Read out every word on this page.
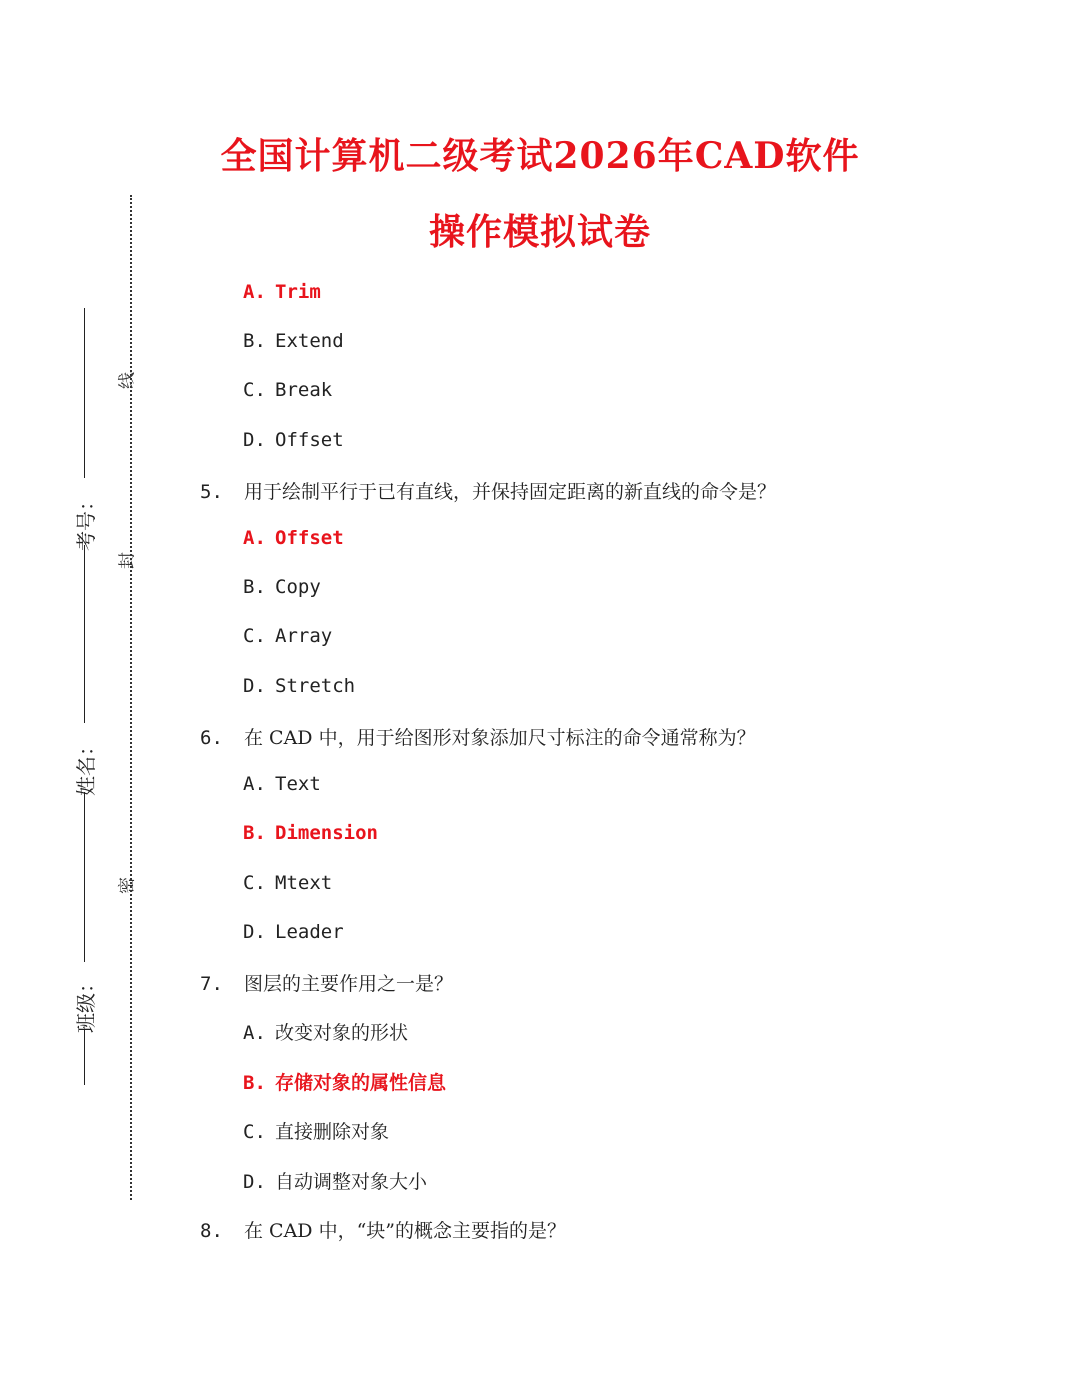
全国计算机二级考试2026年CAD软件
操作模拟试卷
线
封
密
考号：
姓名：
班级：
A. Trim
B. Extend
C. Break
D. Offset
5. 用于绘制平行于已有直线，并保持固定距离的新直线的命令是？
A. Offset
B. Copy
C. Array
D. Stretch
6. 在 CAD 中，用于给图形对象添加尺寸标注的命令通常称为？
A. Text
B. Dimension
C. Mtext
D. Leader
7. 图层的主要作用之一是？
A. 改变对象的形状
B. 存储对象的属性信息
C. 直接删除对象
D. 自动调整对象大小
8. 在 CAD 中，“块”的概念主要指的是？
